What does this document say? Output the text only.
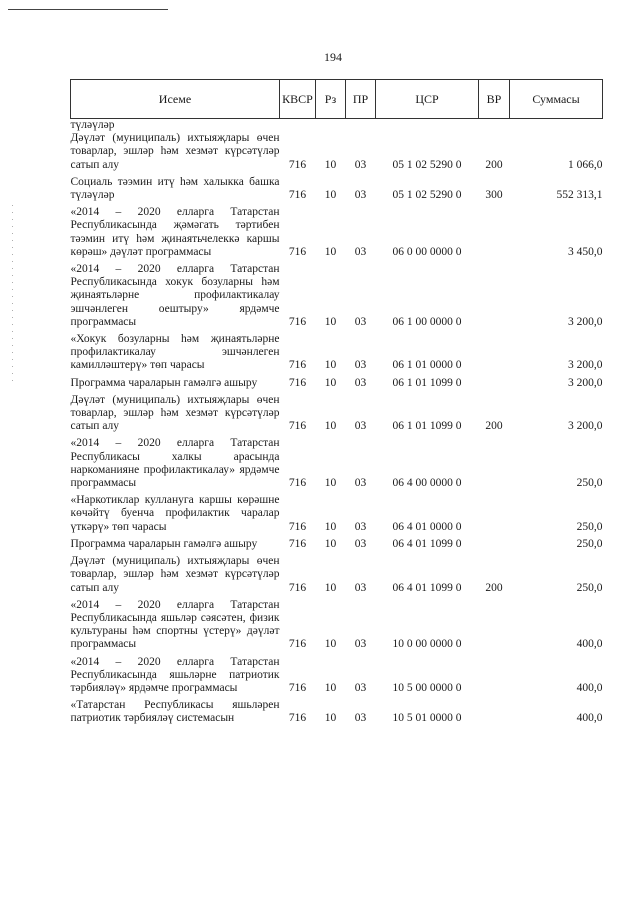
194
Исеме	КВСР	Рз	ПР	ЦСР	ВР	Суммасы
түләүләр						
Дәүләт (муниципаль) ихтыяҗлары өчен товарлар, эшләр һәм хезмәт күрсәтүләр сатып алу	716	10	03	05 1 02 5290 0	200	1 066,0
Социаль тәэмин итү һәм халыкка башка түләүләр	716	10	03	05 1 02 5290 0	300	552 313,1
«2014 – 2020 елларга Татарстан Республикасында җәмәгать тәртибен тәэмин итү һәм җинаятьчелеккә каршы көрәш» дәүләт программасы	716	10	03	06 0 00 0000 0		3 450,0
«2014 – 2020 елларга Татарстан Республикасында хокук бозуларны һәм җинаятьләрне профилактикалау эшчәнлеген оештыру» ярдәмче программасы	716	10	03	06 1 00 0000 0		3 200,0
«Хокук бозуларны һәм җинаятьләрне профилактикалау эшчәнлеген камилләштерү» төп чарасы	716	10	03	06 1 01 0000 0		3 200,0
Программа чараларын гамәлгә ашыру	716	10	03	06 1 01 1099 0		3 200,0
Дәүләт (муниципаль) ихтыяҗлары өчен товарлар, эшләр һәм хезмәт күрсәтүләр сатып алу	716	10	03	06 1 01 1099 0	200	3 200,0
«2014 – 2020 елларга Татарстан Республикасы халкы арасында наркоманияне профилактикалау» ярдәмче программасы	716	10	03	06 4 00 0000 0		250,0
«Наркотиклар куллануга каршы көрәшне көчәйтү буенча профилактик чаралар үткәрү» төп чарасы	716	10	03	06 4 01 0000 0		250,0
Программа чараларын гамәлгә ашыру	716	10	03	06 4 01 1099 0		250,0
Дәүләт (муниципаль) ихтыяҗлары өчен товарлар, эшләр һәм хезмәт күрсәтүләр сатып алу	716	10	03	06 4 01 1099 0	200	250,0
«2014 – 2020 елларга Татарстан Республикасында яшьләр сәясәтен, физик культураны һәм спортны үстерү» дәүләт программасы	716	10	03	10 0 00 0000 0		400,0
«2014 – 2020 елларга Татарстан Республикасында яшьләрне патриотик тәрбияләү» ярдәмче программасы	716	10	03	10 5 00 0000 0		400,0
«Татарстан Республикасы яшьләрен патриотик тәрбияләү системасын	716	10	03	10 5 01 0000 0		400,0
